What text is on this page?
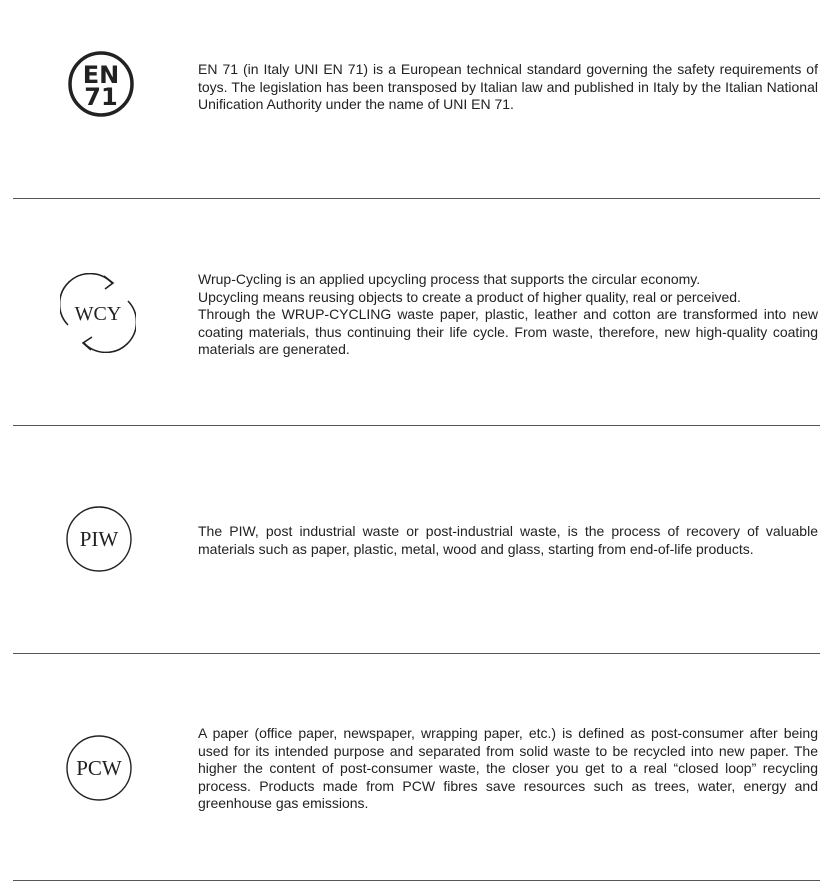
EN
71

EN 71 (in Italy UNI EN 71) is a European technical standard governing the safety requirements of toys. The legislation has been transposed by Italian law and published in Italy by the Italian National Unification Authority under the name of UNI EN 71.

WCY

Wrup-Cycling is an applied upcycling process that supports the circular economy.

Upcycling means reusing objects to create a product of higher quality, real or perceived.

Through the WRUP-CYCLING waste paper, plastic, leather and cotton are transformed into new coating materials, thus continuing their life cycle. From waste, therefore, new high-quality coating materials are generated.

PIW	The PIW, post industrial waste or post-industrial waste, is the process of recovery of valuable materials such as paper, plastic, metal, wood and glass, starting from end-of-life products.

PCW

A paper (office paper, newspaper, wrapping paper, etc.) is defined as post-consumer after being used for its intended purpose and separated from solid waste to be recycled into new paper. The higher the content of post-consumer waste, the closer you get to a real “closed loop” recycling process. Products made from PCW fibres save resources such as trees, water, energy and greenhouse gas emissions.
